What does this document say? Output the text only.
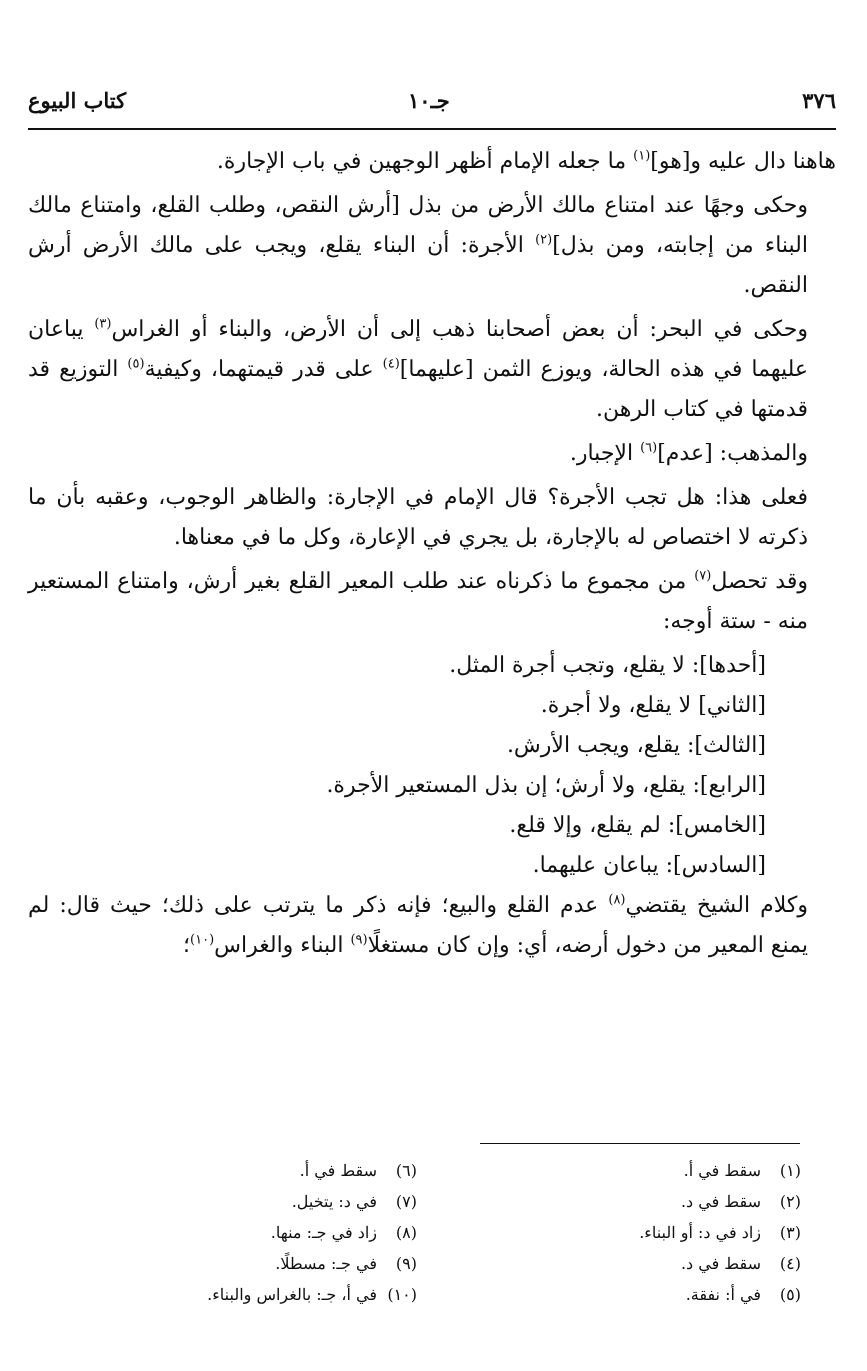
٣٧٦
جـ١٠
كتاب البيوع

هاهنا دال عليه و[هو]$^{(١)}$ ما جعله الإمام أظهر الوجهين في باب الإجارة.

وحكى وجهًا عند امتناع مالك الأرض من بذل [أرش النقص، وطلب القلع، وامتناع مالك البناء من إجابته، ومن بذل]$^{(٢)}$ الأجرة: أن البناء يقلع، ويجب على مالك الأرض أرش النقص.

وحكى في البحر: أن بعض أصحابنا ذهب إلى أن الأرض، والبناء أو الغراس$^{(٣)}$ يباعان عليهما في هذه الحالة، ويوزع الثمن [عليهما]$^{(٤)}$ على قدر قيمتهما، وكيفية$^{(٥)}$ التوزيع قد قدمتها في كتاب الرهن.

والمذهب: [عدم]$^{(٦)}$ الإجبار.

فعلى هذا: هل تجب الأجرة؟ قال الإمام في الإجارة: والظاهر الوجوب، وعقبه بأن ما ذكرته لا اختصاص له بالإجارة، بل يجري في الإعارة، وكل ما في معناها.

وقد تحصل$^{(٧)}$ من مجموع ما ذكرناه عند طلب المعير القلع بغير أرش، وامتناع المستعير منه - ستة أوجه:

[أحدها]: لا يقلع، وتجب أجرة المثل.

[الثاني] لا يقلع، ولا أجرة.

[الثالث]: يقلع، ويجب الأرش.

[الرابع]: يقلع، ولا أرش؛ إن بذل المستعير الأجرة.

[الخامس]: لم يقلع، وإلا قلع.

[السادس]: يباعان عليهما.

وكلام الشيخ يقتضي$^{(٨)}$ عدم القلع والبيع؛ فإنه ذكر ما يترتب على ذلك؛ حيث قال: لم يمنع المعير من دخول أرضه، أي: وإن كان مستغلًا$^{(٩)}$ البناء والغراس$^{(١٠)}$؛

(١)سقط في أ.
(٢)سقط في د.
(٣)زاد في د: أو البناء.
(٤)سقط في د.
(٥)في أ: نفقة.
(٦)سقط في أ.
(٧)في د: يتخيل.
(٨)زاد في جـ: منها.
(٩)في جـ: مسطلًا.
(١٠)في أ، جـ: بالغراس والبناء.
